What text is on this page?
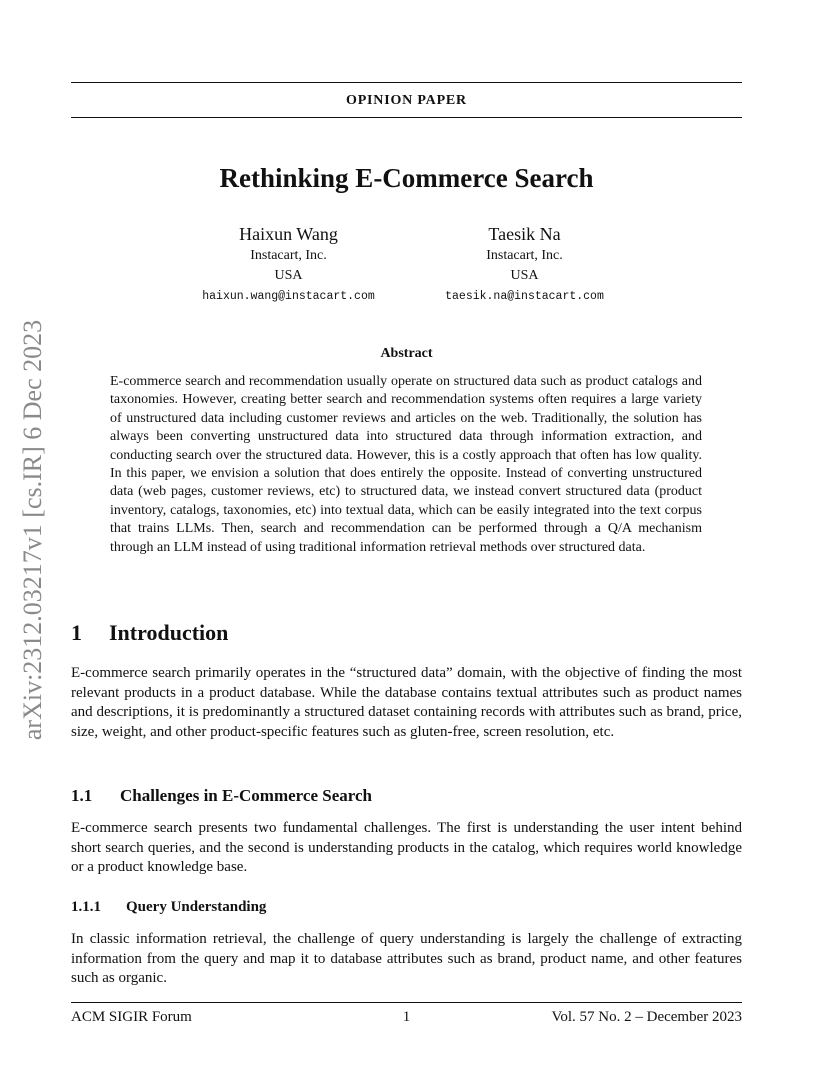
OPINION PAPER
arXiv:2312.03217v1 [cs.IR] 6 Dec 2023
Rethinking E-Commerce Search
Haixun Wang
Instacart, Inc.
USA
haixun.wang@instacart.com
Taesik Na
Instacart, Inc.
USA
taesik.na@instacart.com
Abstract

E-commerce search and recommendation usually operate on structured data such as product catalogs and taxonomies. However, creating better search and recommendation systems often requires a large variety of unstructured data including customer reviews and articles on the web. Traditionally, the solution has always been converting unstructured data into structured data through information extraction, and conducting search over the structured data. However, this is a costly approach that often has low quality. In this paper, we envision a solution that does entirely the opposite. Instead of converting unstructured data (web pages, customer reviews, etc) to structured data, we instead convert structured data (product inventory, catalogs, taxonomies, etc) into textual data, which can be easily integrated into the text corpus that trains LLMs. Then, search and recommendation can be performed through a Q/A mechanism through an LLM instead of using traditional information retrieval methods over structured data.

1 Introduction

E-commerce search primarily operates in the “structured data” domain, with the objective of finding the most relevant products in a product database. While the database contains textual attributes such as product names and descriptions, it is predominantly a structured dataset containing records with attributes such as brand, price, size, weight, and other product-specific features such as gluten-free, screen resolution, etc.

1.1 Challenges in E-Commerce Search

E-commerce search presents two fundamental challenges. The first is understanding the user intent behind short search queries, and the second is understanding products in the catalog, which requires world knowledge or a product knowledge base.

1.1.1 Query Understanding

In classic information retrieval, the challenge of query understanding is largely the challenge of extracting information from the query and map it to database attributes such as brand, product name, and other features such as organic.

ACM SIGIR Forum	1	Vol. 57 No. 2 – December 2023
